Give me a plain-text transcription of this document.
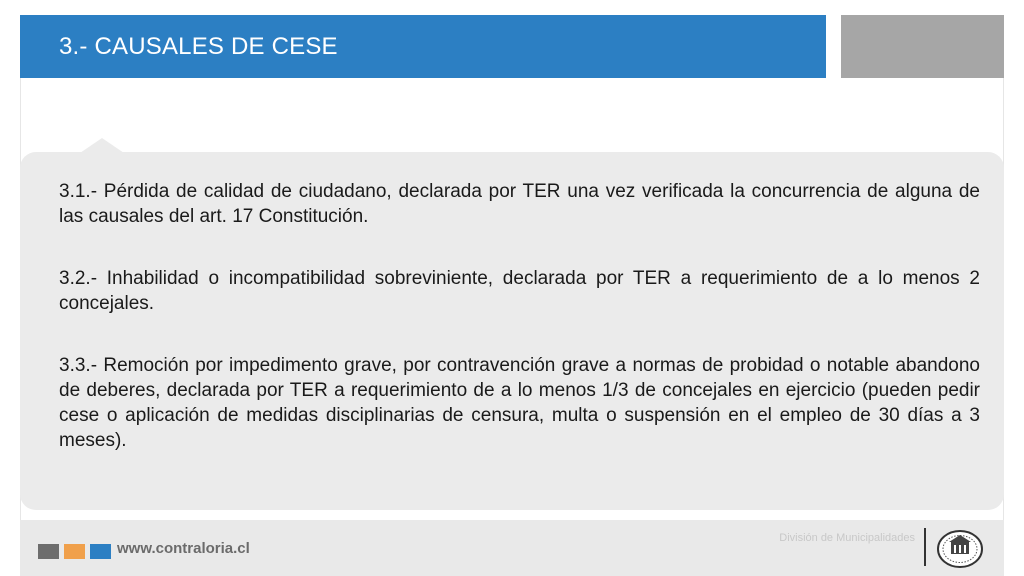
3.- CAUSALES DE CESE

3.1.- Pérdida de calidad de ciudadano, declarada por TER una vez verificada la concurrencia de alguna de las causales del art. 17 Constitución.

3.2.- Inhabilidad o incompatibilidad sobreviniente, declarada por TER a requerimiento de a lo menos 2 concejales.

3.3.- Remoción por impedimento grave, por contravención grave a normas de probidad o notable abandono de deberes, declarada por TER a requerimiento de a lo menos 1/3 de concejales en ejercicio (pueden pedir cese o aplicación de medidas disciplinarias de censura, multa o suspensión en el empleo de 30 días a 3 meses).

www.contraloria.cl
División de Municipalidades
